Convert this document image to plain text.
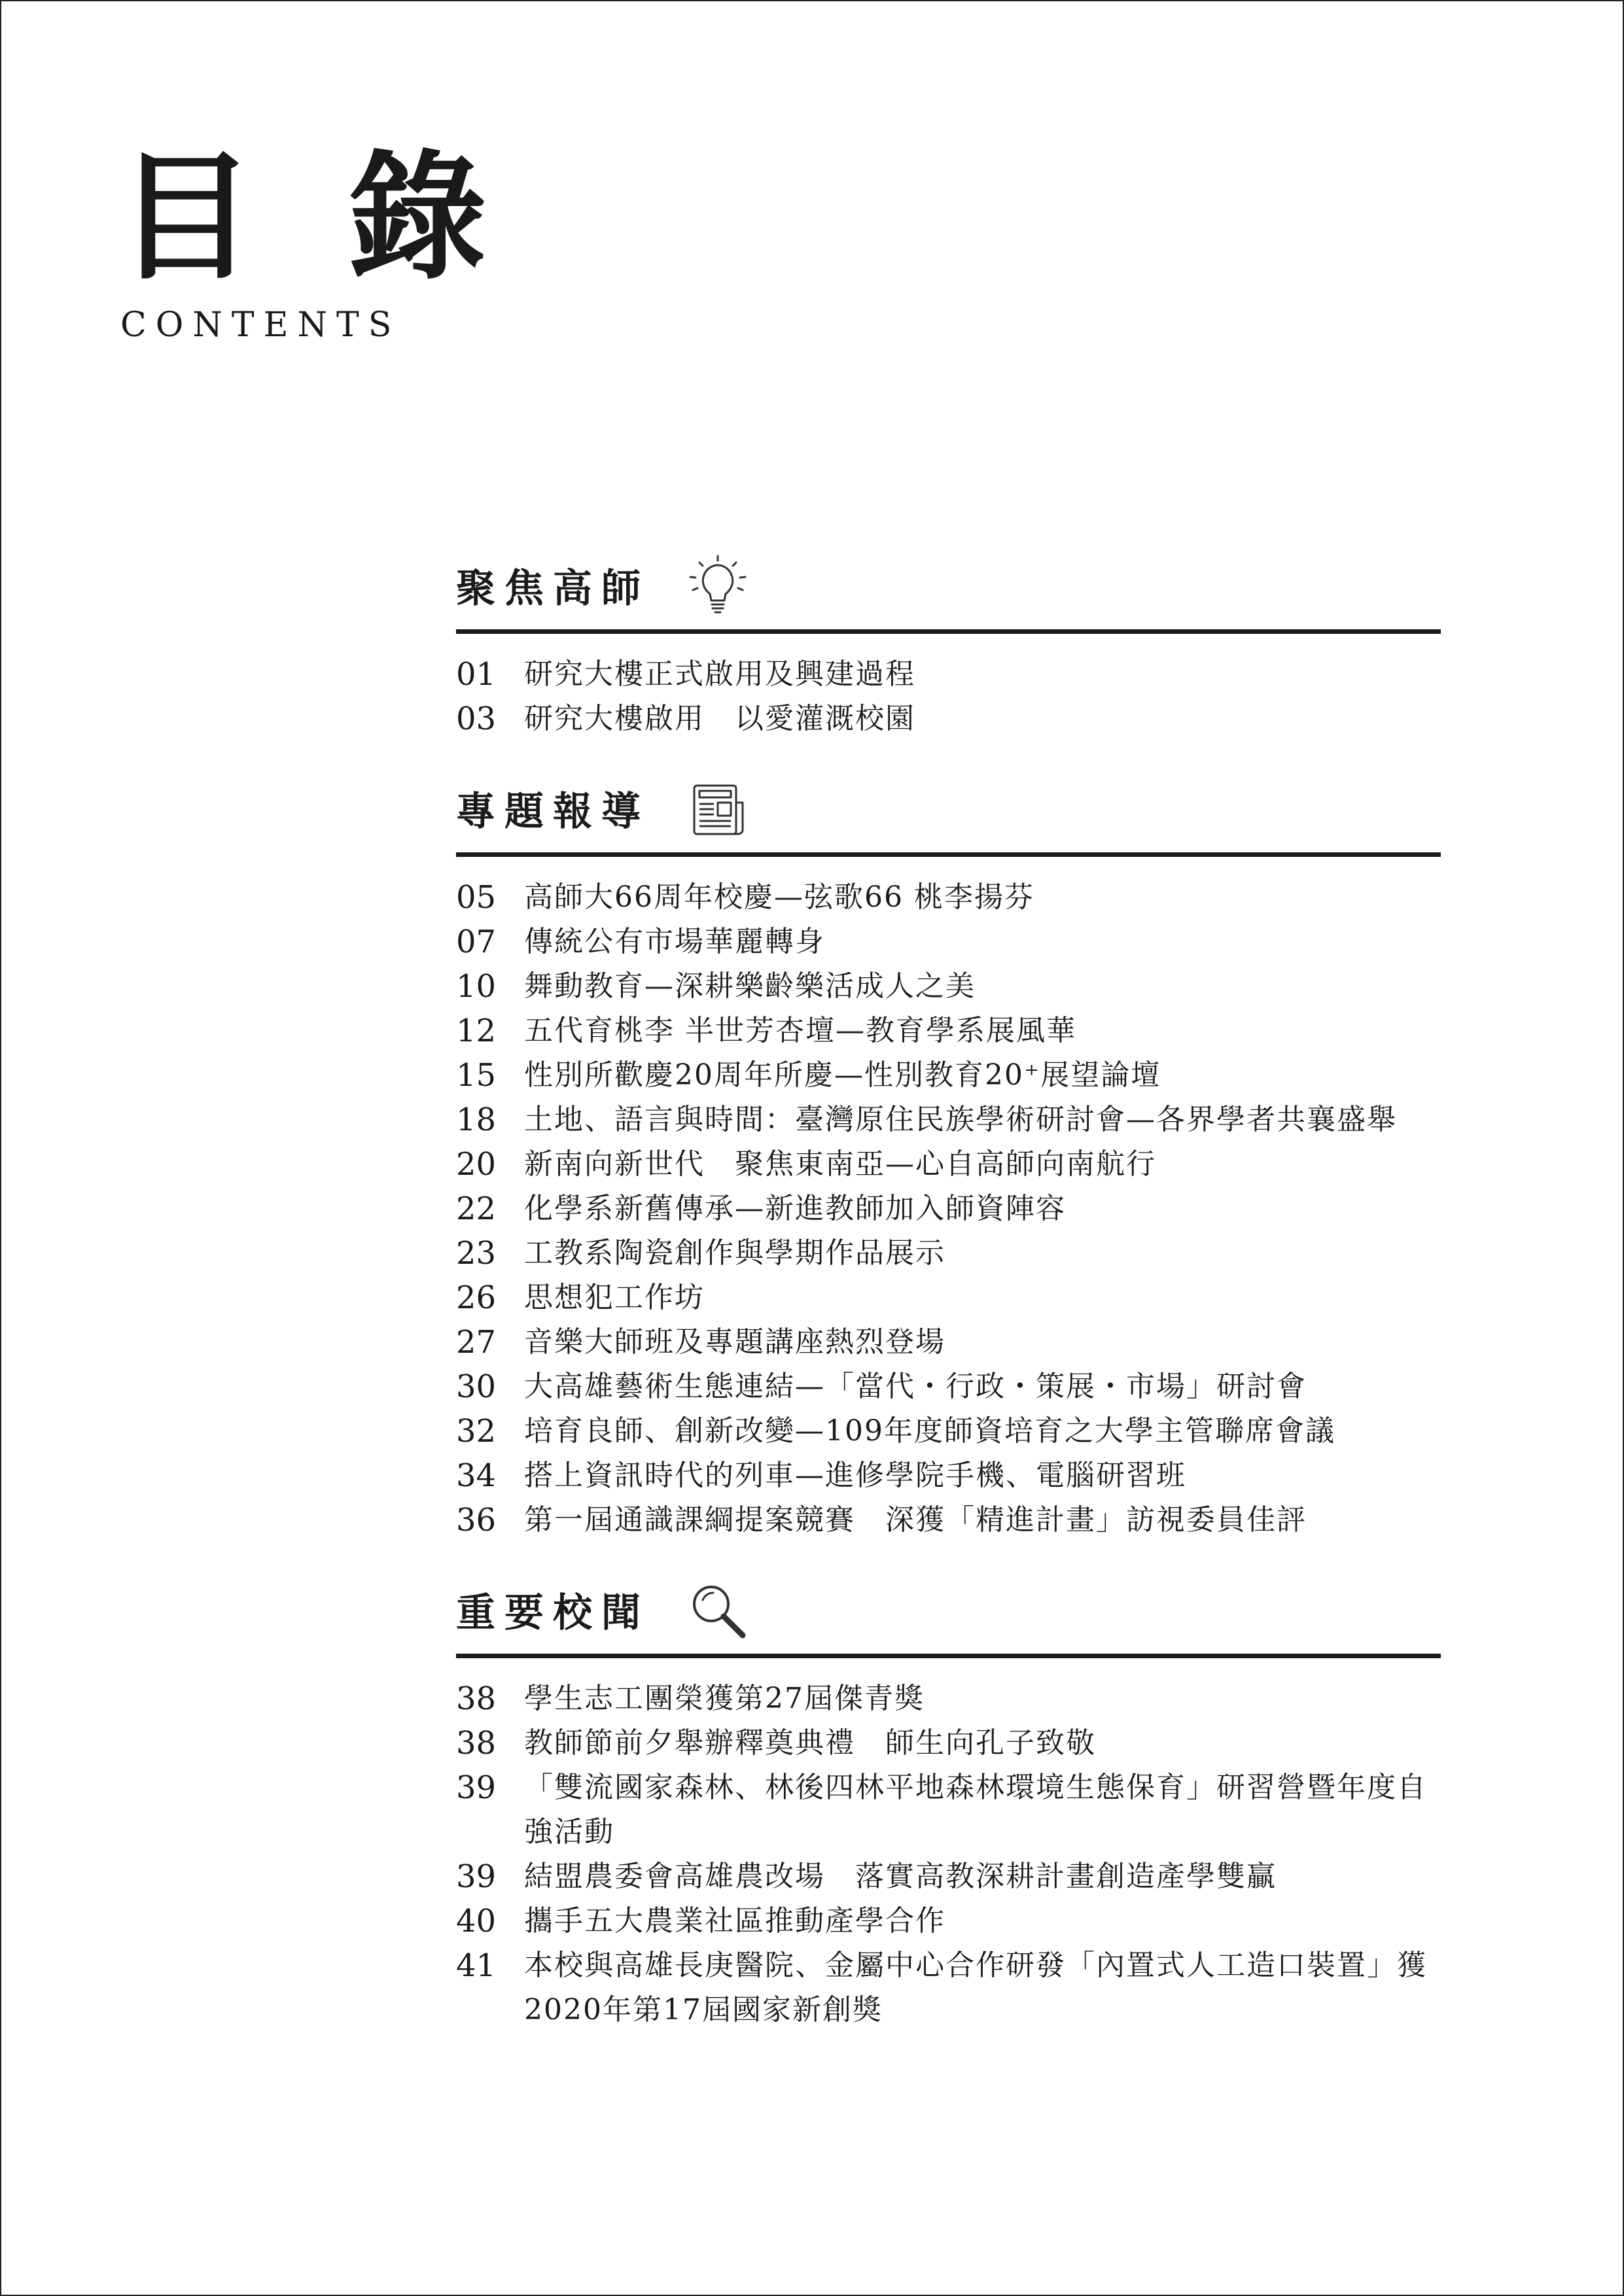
目 錄
CONTENTS
聚焦高師
01 研究大樓正式啟用及興建過程
03 研究大樓啟用　以愛灌溉校園
專題報導
05 高師大66周年校慶—弦歌66 桃李揚芬
07 傳統公有市場華麗轉身
10 舞動教育—深耕樂齡樂活成人之美
12 五代育桃李 半世芳杏壇—教育學系展風華
15 性別所歡慶20周年所慶—性別教育20⁺展望論壇
18 土地、語言與時間：臺灣原住民族學術研討會—各界學者共襄盛舉
20 新南向新世代　聚焦東南亞—心自高師向南航行
22 化學系新舊傳承—新進教師加入師資陣容
23 工教系陶瓷創作與學期作品展示
26 思想犯工作坊
27 音樂大師班及專題講座熱烈登場
30 大高雄藝術生態連結—「當代・行政・策展・市場」研討會
32 培育良師、創新改變—109年度師資培育之大學主管聯席會議
34 搭上資訊時代的列車—進修學院手機、電腦研習班
36 第一屆通識課綱提案競賽　深獲「精進計畫」訪視委員佳評
重要校聞
38 學生志工團榮獲第27屆傑青獎
38 教師節前夕舉辦釋奠典禮　師生向孔子致敬
39 「雙流國家森林、林後四林平地森林環境生態保育」研習營暨年度自強活動
39 結盟農委會高雄農改場　落實高教深耕計畫創造產學雙贏
40 攜手五大農業社區推動產學合作
41 本校與高雄長庚醫院、金屬中心合作研發「內置式人工造口裝置」獲2020年第17屆國家新創獎
